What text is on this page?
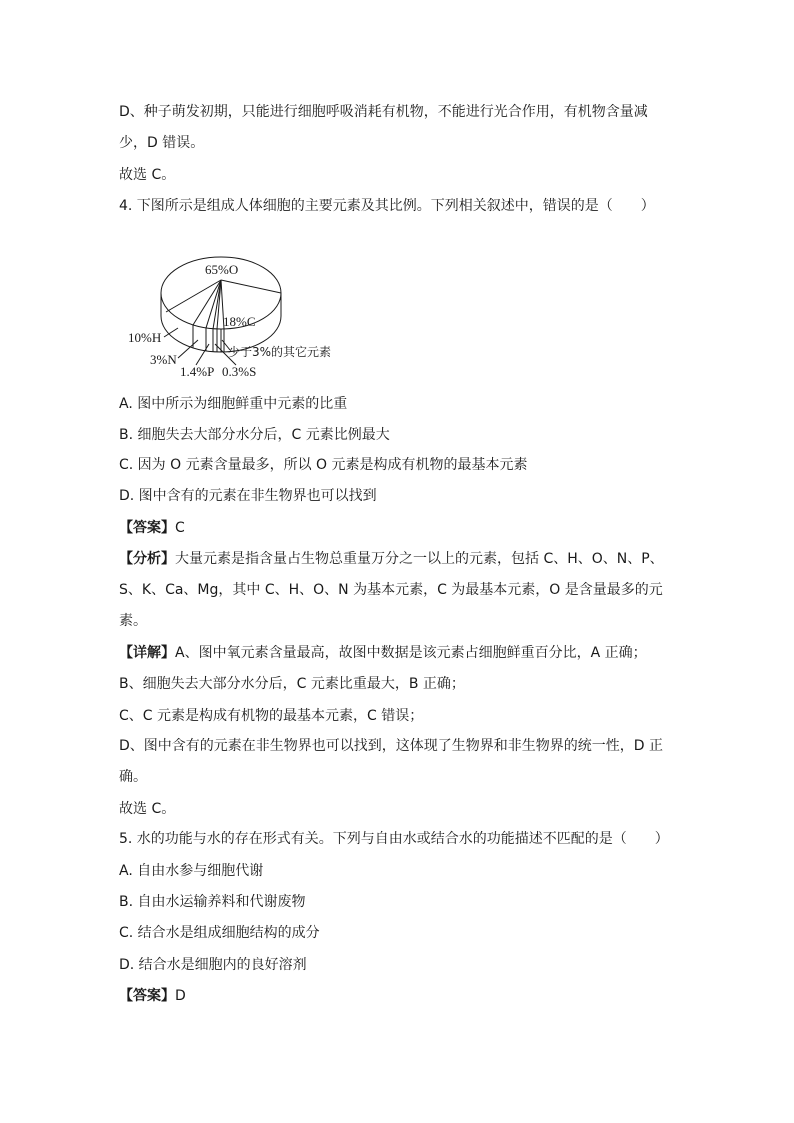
D、种子萌发初期，只能进行细胞呼吸消耗有机物，不能进行光合作用，有机物含量减
少，D 错误。
故选 C。
4. 下图所示是组成人体细胞的主要元素及其比例。下列相关叙述中，错误的是（　　）
65%O
18%C
10%H
3%N
1.4%P 0.3%S
少于3%的其它元素
A. 图中所示为细胞鲜重中元素的比重
B. 细胞失去大部分水分后，C 元素比例最大
C. 因为 O 元素含量最多，所以 O 元素是构成有机物的最基本元素
D. 图中含有的元素在非生物界也可以找到
【答案】C
【分析】大量元素是指含量占生物总重量万分之一以上的元素，包括 C、H、O、N、P、
S、K、Ca、Mg，其中 C、H、O、N 为基本元素，C 为最基本元素，O 是含量最多的元
素。
【详解】A、图中氧元素含量最高，故图中数据是该元素占细胞鲜重百分比，A 正确；
B、细胞失去大部分水分后，C 元素比重最大，B 正确；
C、C 元素是构成有机物的最基本元素，C 错误；
D、图中含有的元素在非生物界也可以找到，这体现了生物界和非生物界的统一性，D 正
确。
故选 C。
5. 水的功能与水的存在形式有关。下列与自由水或结合水的功能描述不匹配的是（　　）
A. 自由水参与细胞代谢
B. 自由水运输养料和代谢废物
C. 结合水是组成细胞结构的成分
D. 结合水是细胞内的良好溶剂
【答案】D
